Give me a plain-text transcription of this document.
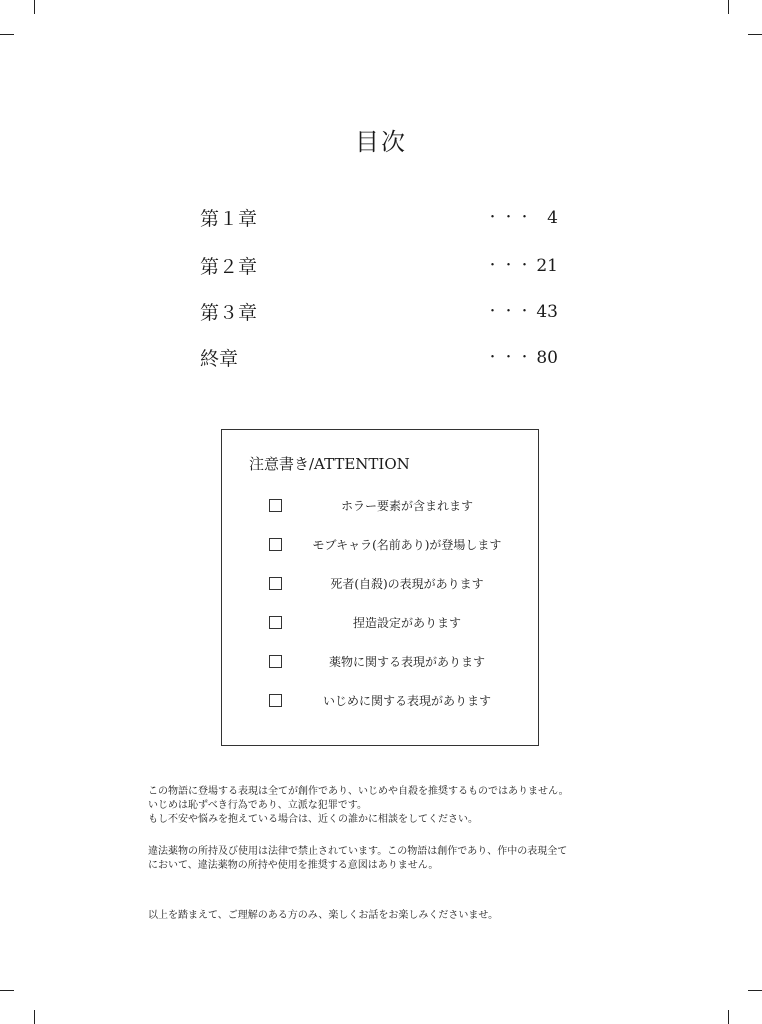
目次
第１章	・・・ 4
第２章	・・・ 21
第３章	・・・ 43
終章	・・・ 80
注意書き/ATTENTION
ホラー要素が含まれます
モブキャラ(名前あり)が登場します
死者(自殺)の表現があります
捏造設定があります
薬物に関する表現があります
いじめに関する表現があります

この物語に登場する表現は全てが創作であり、いじめや自殺を推奨するものではありません。

いじめは恥ずべき行為であり、立派な犯罪です。

もし不安や悩みを抱えている場合は、近くの誰かに相談をしてください。

違法薬物の所持及び使用は法律で禁止されています。この物語は創作であり、作中の表現全て

において、違法薬物の所持や使用を推奨する意図はありません。

以上を踏まえて、ご理解のある方のみ、楽しくお話をお楽しみくださいませ。
